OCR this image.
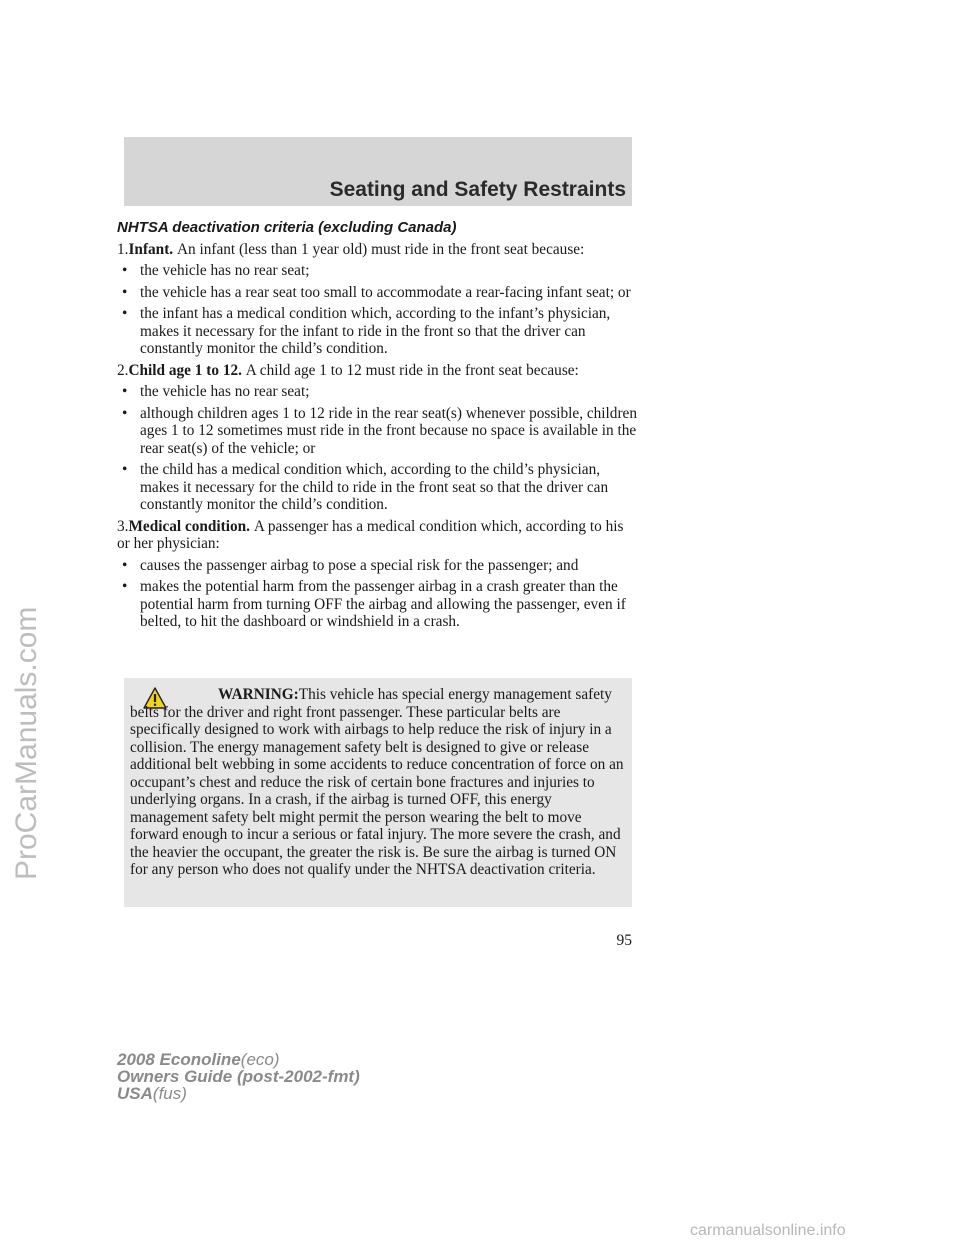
Seating and Safety Restraints
NHTSA deactivation criteria (excluding Canada)
1.Infant. An infant (less than 1 year old) must ride in the front seat because:
• the vehicle has no rear seat;
• the vehicle has a rear seat too small to accommodate a rear-facing infant seat; or
• the infant has a medical condition which, according to the infant’s physician, makes it necessary for the infant to ride in the front so that the driver can constantly monitor the child’s condition.
2.Child age 1 to 12. A child age 1 to 12 must ride in the front seat because:
• the vehicle has no rear seat;
• although children ages 1 to 12 ride in the rear seat(s) whenever possible, children ages 1 to 12 sometimes must ride in the front because no space is available in the rear seat(s) of the vehicle; or
• the child has a medical condition which, according to the child’s physician, makes it necessary for the child to ride in the front seat so that the driver can constantly monitor the child’s condition.
3.Medical condition. A passenger has a medical condition which, according to his or her physician:
• causes the passenger airbag to pose a special risk for the passenger; and
• makes the potential harm from the passenger airbag in a crash greater than the potential harm from turning OFF the airbag and allowing the passenger, even if belted, to hit the dashboard or windshield in a crash.
WARNING:This vehicle has special energy management safety belts for the driver and right front passenger. These particular belts are specifically designed to work with airbags to help reduce the risk of injury in a collision. The energy management safety belt is designed to give or release additional belt webbing in some accidents to reduce concentration of force on an occupant’s chest and reduce the risk of certain bone fractures and injuries to underlying organs. In a crash, if the airbag is turned OFF, this energy management safety belt might permit the person wearing the belt to move forward enough to incur a serious or fatal injury. The more severe the crash, and the heavier the occupant, the greater the risk is. Be sure the airbag is turned ON for any person who does not qualify under the NHTSA deactivation criteria.
95
2008 Econoline(eco)
Owners Guide (post-2002-fmt)
USA(fus)
ProCarManuals.com
carmanualsonline.info
